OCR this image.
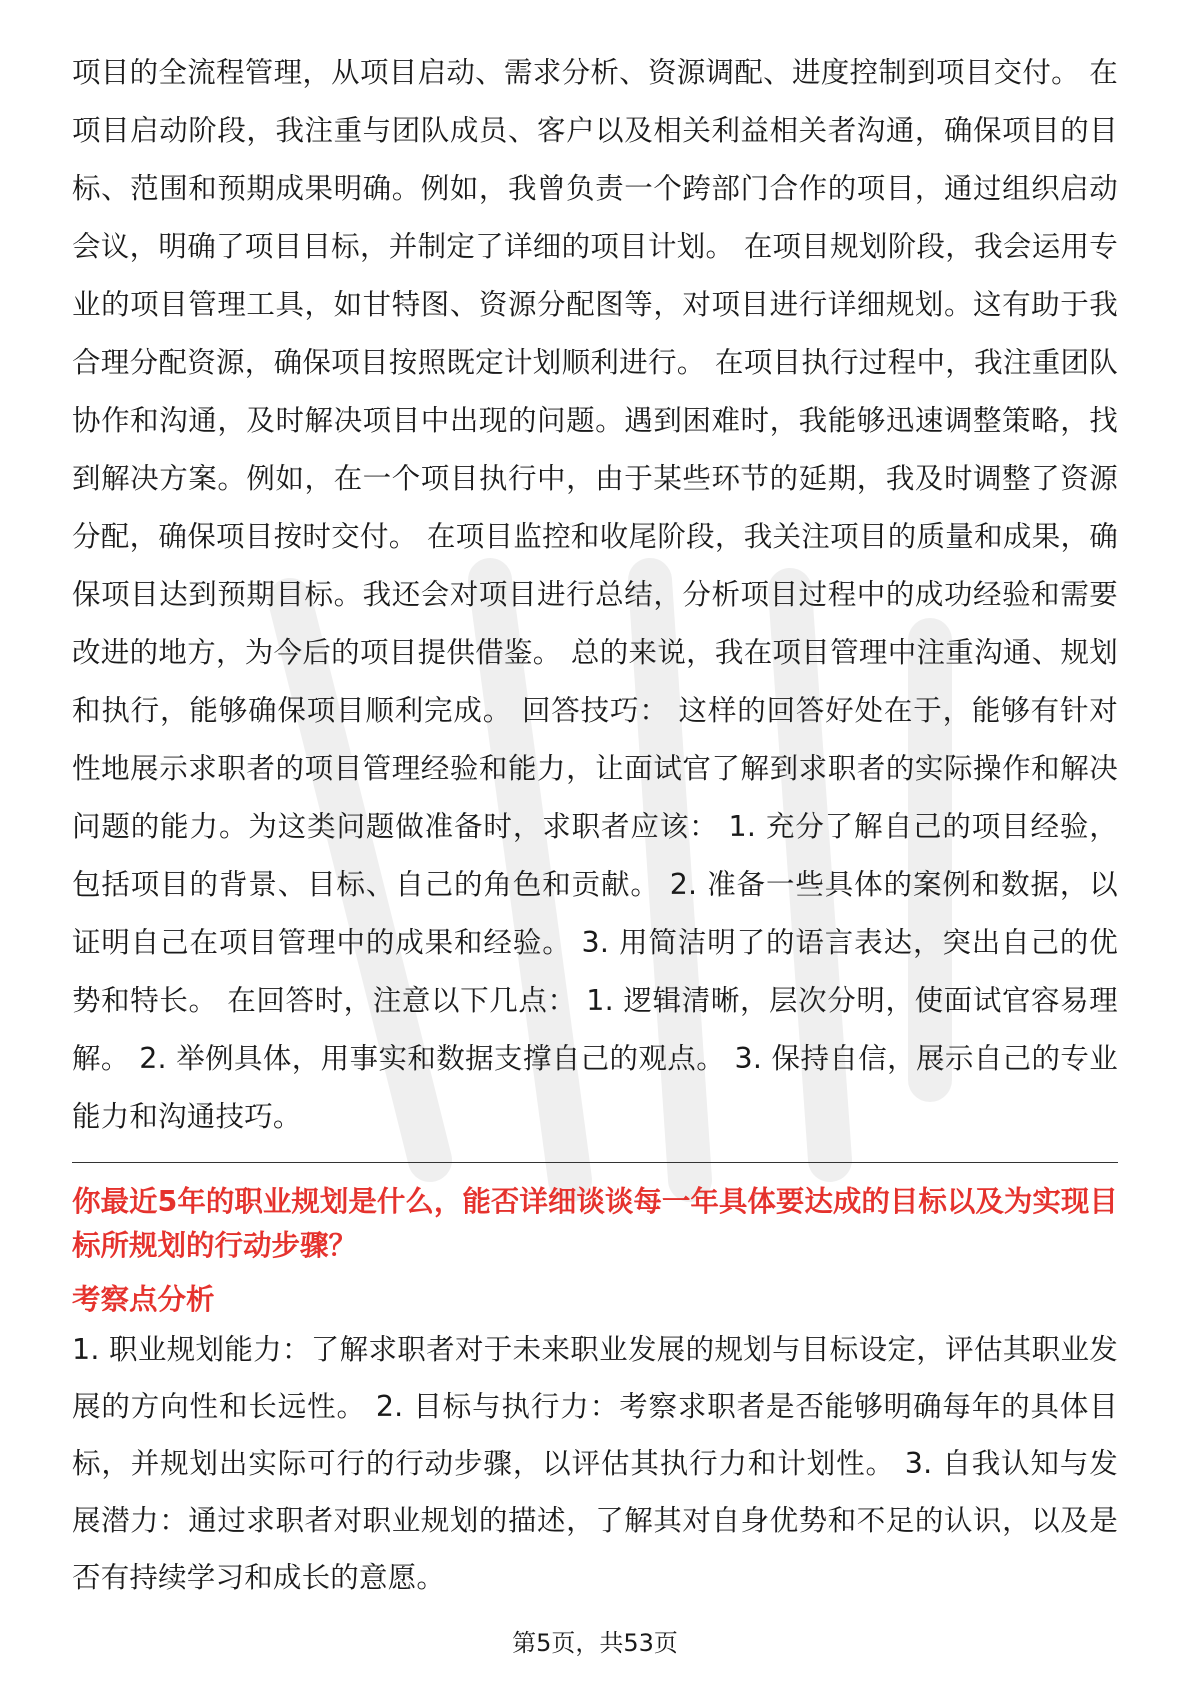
项目的全流程管理，从项目启动、需求分析、资源调配、进度控制到项目交付。 在项目启动阶段，我注重与团队成员、客户以及相关利益相关者沟通，确保项目的目标、范围和预期成果明确。例如，我曾负责一个跨部门合作的项目，通过组织启动会议，明确了项目目标，并制定了详细的项目计划。 在项目规划阶段，我会运用专业的项目管理工具，如甘特图、资源分配图等，对项目进行详细规划。这有助于我合理分配资源，确保项目按照既定计划顺利进行。 在项目执行过程中，我注重团队协作和沟通，及时解决项目中出现的问题。遇到困难时，我能够迅速调整策略，找到解决方案。例如，在一个项目执行中，由于某些环节的延期，我及时调整了资源分配，确保项目按时交付。 在项目监控和收尾阶段，我关注项目的质量和成果，确保项目达到预期目标。我还会对项目进行总结，分析项目过程中的成功经验和需要改进的地方，为今后的项目提供借鉴。 总的来说，我在项目管理中注重沟通、规划和执行，能够确保项目顺利完成。 回答技巧： 这样的回答好处在于，能够有针对性地展示求职者的项目管理经验和能力，让面试官了解到求职者的实际操作和解决问题的能力。为这类问题做准备时，求职者应该： 1. 充分了解自己的项目经验，包括项目的背景、目标、自己的角色和贡献。 2. 准备一些具体的案例和数据，以证明自己在项目管理中的成果和经验。 3. 用简洁明了的语言表达，突出自己的优势和特长。 在回答时，注意以下几点： 1. 逻辑清晰，层次分明，使面试官容易理解。 2. 举例具体，用事实和数据支撑自己的观点。 3. 保持自信，展示自己的专业能力和沟通技巧。

你最近5年的职业规划是什么，能否详细谈谈每一年具体要达成的目标以及为实现目标所规划的行动步骤？

考察点分析

1. 职业规划能力：了解求职者对于未来职业发展的规划与目标设定，评估其职业发展的方向性和长远性。 2. 目标与执行力：考察求职者是否能够明确每年的具体目标，并规划出实际可行的行动步骤，以评估其执行力和计划性。 3. 自我认知与发展潜力：通过求职者对职业规划的描述，了解其对自身优势和不足的认识，以及是否有持续学习和成长的意愿。

第5页，共53页
